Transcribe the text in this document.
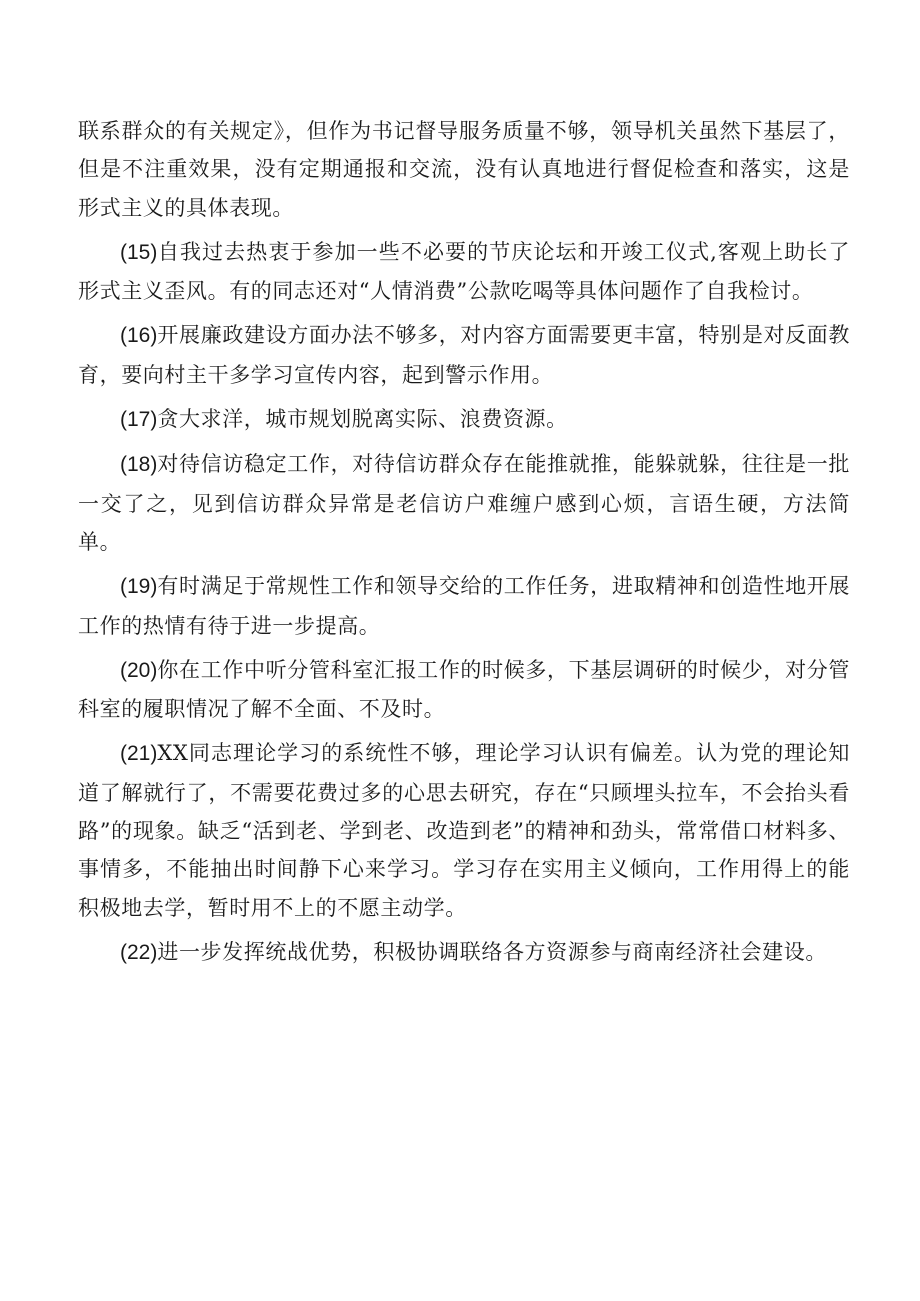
联系群众的有关规定》，但作为书记督导服务质量不够，领导机关虽然下基层了，但是不注重效果，没有定期通报和交流，没有认真地进行督促检查和落实，这是形式主义的具体表现。

(15)自我过去热衷于参加一些不必要的节庆论坛和开竣工仪式,客观上助长了形式主义歪风。有的同志还对“人情消费”公款吃喝等具体问题作了自我检讨。

(16)开展廉政建设方面办法不够多，对内容方面需要更丰富，特别是对反面教育，要向村主干多学习宣传内容，起到警示作用。

(17)贪大求洋，城市规划脱离实际、浪费资源。

(18)对待信访稳定工作，对待信访群众存在能推就推，能躲就躲，往往是一批一交了之，见到信访群众异常是老信访户难缠户感到心烦，言语生硬，方法简单。

(19)有时满足于常规性工作和领导交给的工作任务，进取精神和创造性地开展工作的热情有待于进一步提高。

(20)你在工作中听分管科室汇报工作的时候多，下基层调研的时候少，对分管科室的履职情况了解不全面、不及时。

(21)XX同志理论学习的系统性不够，理论学习认识有偏差。认为党的理论知道了解就行了，不需要花费过多的心思去研究，存在“只顾埋头拉车，不会抬头看路”的现象。缺乏“活到老、学到老、改造到老”的精神和劲头，常常借口材料多、事情多，不能抽出时间静下心来学习。学习存在实用主义倾向，工作用得上的能积极地去学，暂时用不上的不愿主动学。

(22)进一步发挥统战优势，积极协调联络各方资源参与商南经济社会建设。
